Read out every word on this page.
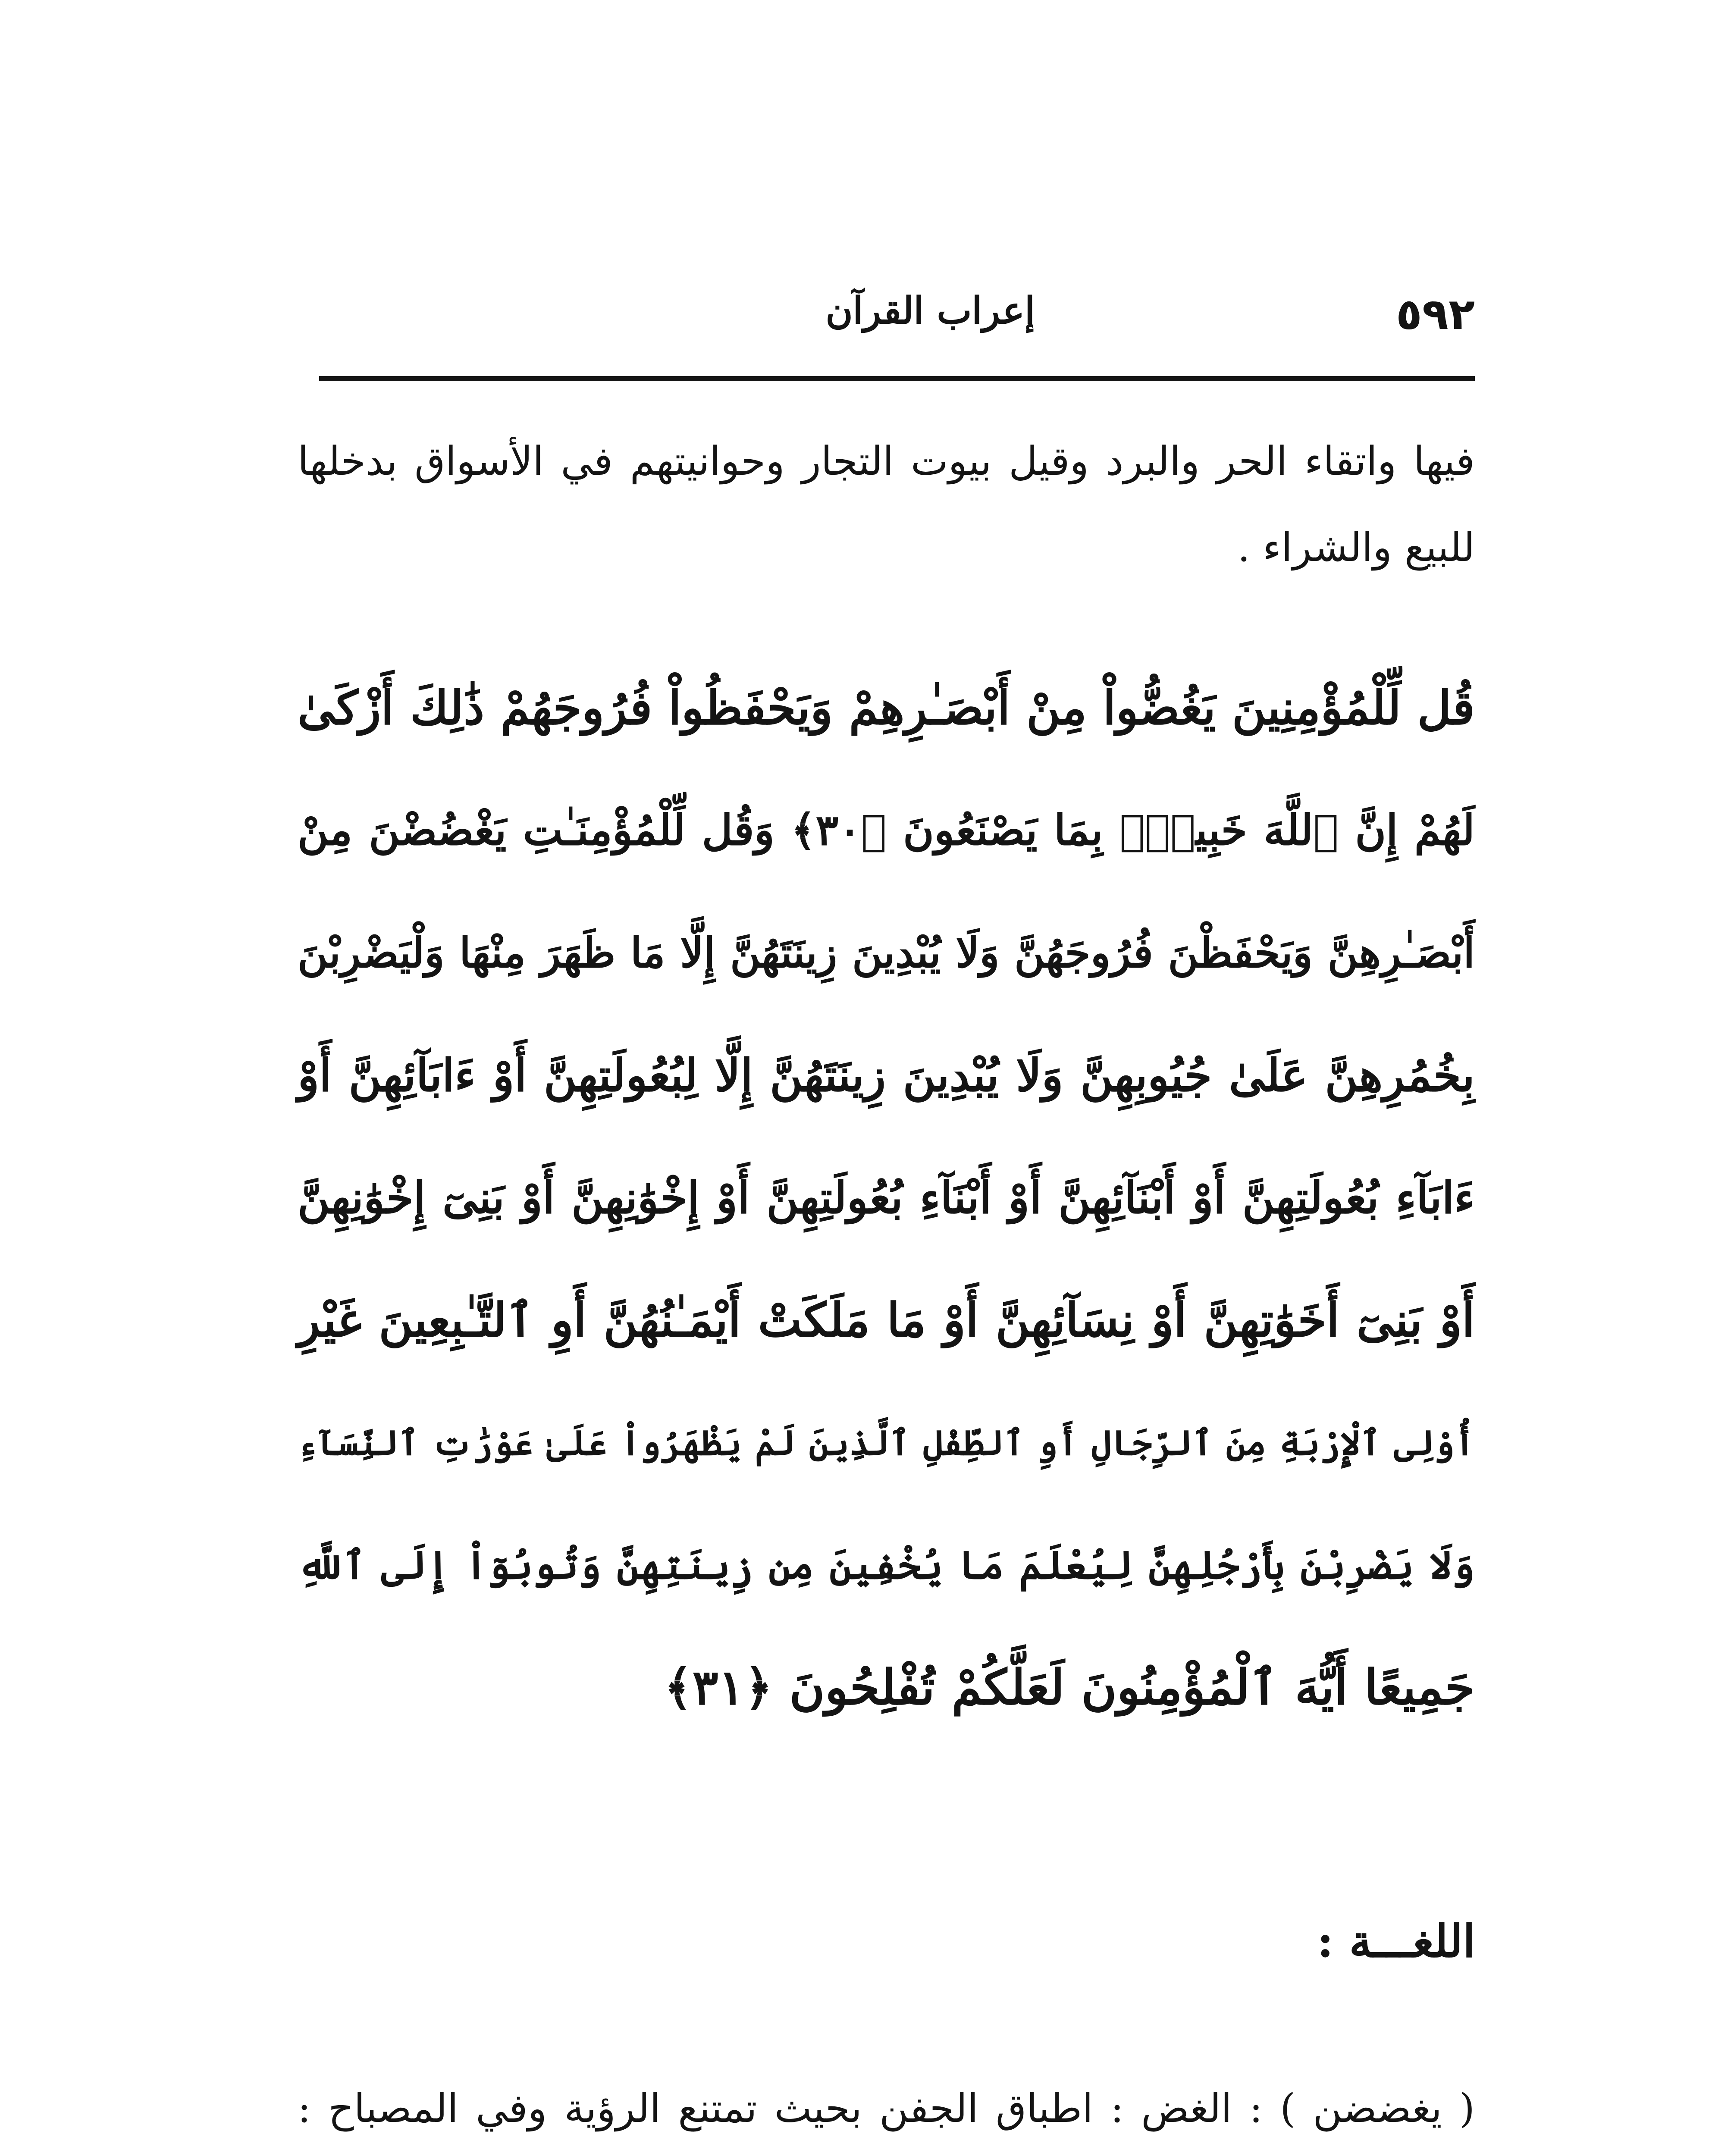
٥٩٢
إعراب القرآن

فيها واتقاء الحر والبرد وقيل بيوت التجار وحوانيتهم في الأسواق بدخلها للبيع والشراء .

قُل لِّلْمُؤْمِنِينَ يَغُضُّواْ مِنْ أَبْصَـٰرِهِمْ وَيَحْفَظُواْ فُرُوجَهُمْ ذَٰلِكَ أَزْكَىٰ
لَهُمْ إِنَّ ٱللَّهَ خَبِيرٌۢ بِمَا يَصْنَعُونَ ﴿٣٠﴾ وَقُل لِّلْمُؤْمِنَـٰتِ يَغْضُضْنَ مِنْ
أَبْصَـٰرِهِنَّ وَيَحْفَظْنَ فُرُوجَهُنَّ وَلَا يُبْدِينَ زِينَتَهُنَّ إِلَّا مَا ظَهَرَ مِنْهَا وَلْيَضْرِبْنَ
بِخُمُرِهِنَّ عَلَىٰ جُيُوبِهِنَّ وَلَا يُبْدِينَ زِينَتَهُنَّ إِلَّا لِبُعُولَتِهِنَّ أَوْ ءَابَآئِهِنَّ أَوْ
ءَابَآءِ بُعُولَتِهِنَّ أَوْ أَبْنَآئِهِنَّ أَوْ أَبْنَآءِ بُعُولَتِهِنَّ أَوْ إِخْوَٰنِهِنَّ أَوْ بَنِىٓ إِخْوَٰنِهِنَّ
أَوْ بَنِىٓ أَخَوَٰتِهِنَّ أَوْ نِسَآئِهِنَّ أَوْ مَا مَلَكَتْ أَيْمَـٰنُهُنَّ أَوِ ٱلتَّـٰبِعِينَ غَيْرِ
أُوْلِى ٱلْإِرْبَةِ مِنَ ٱلرِّجَالِ أَوِ ٱلطِّفْلِ ٱلَّذِينَ لَمْ يَظْهَرُواْ عَلَىٰ عَوْرَٰتِ ٱلنِّسَآءِ
وَلَا يَضْرِبْنَ بِأَرْجُلِهِنَّ لِيُعْلَمَ مَا يُخْفِينَ مِن زِينَتِهِنَّ وَتُوبُوٓاْ إِلَى ٱللَّهِ
جَمِيعًا أَيُّهَ ٱلْمُؤْمِنُونَ لَعَلَّكُمْ تُفْلِحُونَ ﴿٣١﴾
اللغـــة :

( يغضضن ) : الغض : اطباق الجفن بحيث تمتنع الرؤية وفي المصباح :
